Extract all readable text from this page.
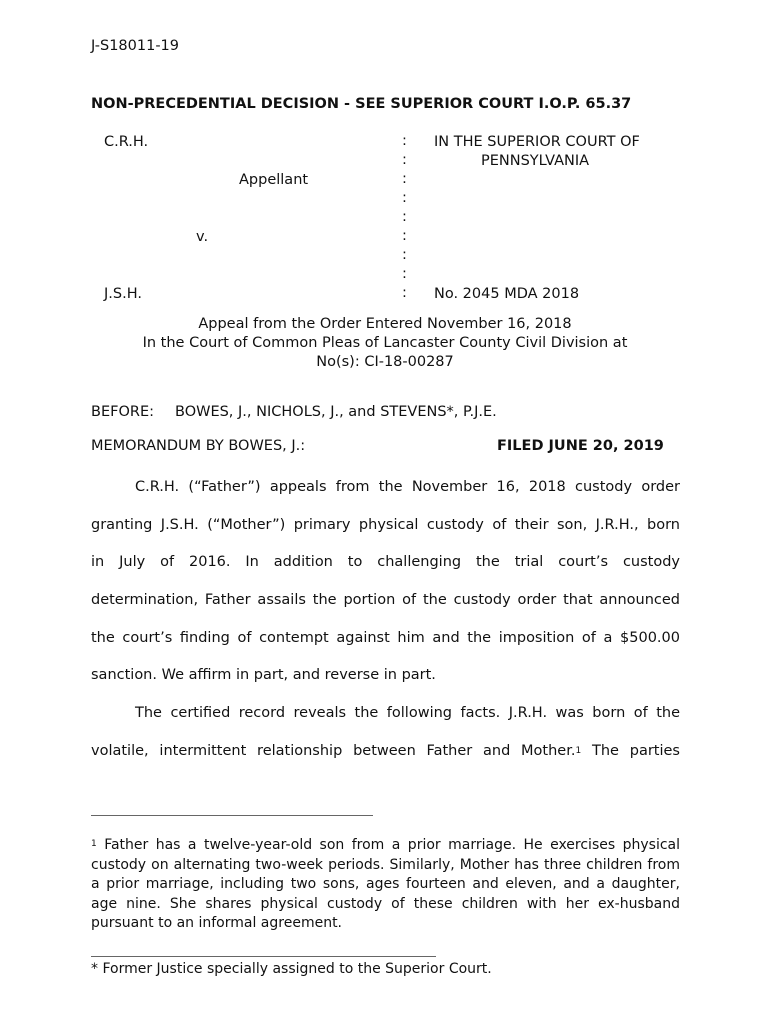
J-S18011-19
NON-PRECEDENTIAL DECISION - SEE SUPERIOR COURT I.O.P. 65.37
C.R.H.
Appellant
v.
J.S.H.
:
:
:
:
:
:
:
:
:
IN THE SUPERIOR COURT OF
PENNSYLVANIA
No. 2045 MDA 2018
Appeal from the Order Entered November 16, 2018
In the Court of Common Pleas of Lancaster County Civil Division at
No(s): CI-18-00287
BEFORE: BOWES, J., NICHOLS, J., and STEVENS*, P.J.E.
MEMORANDUM BY BOWES, J.:	FILED JUNE 20, 2019
C.R.H. (“Father”) appeals from the November 16, 2018 custody order
granting J.S.H. (“Mother”) primary physical custody of their son, J.R.H., born
in July of 2016. In addition to challenging the trial court’s custody
determination, Father assails the portion of the custody order that announced
the court’s finding of contempt against him and the imposition of a $500.00
sanction. We affirm in part, and reverse in part.
The certified record reveals the following facts. J.R.H. was born of the
volatile, intermittent relationship between Father and Mother.$^1$ The parties
$^1$ Father has a twelve-year-old son from a prior marriage. He exercises physical custody on alternating two-week periods. Similarly, Mother has three children from a prior marriage, including two sons, ages fourteen and eleven, and a daughter, age nine. She shares physical custody of these children with her ex-husband pursuant to an informal agreement.
* Former Justice specially assigned to the Superior Court.
